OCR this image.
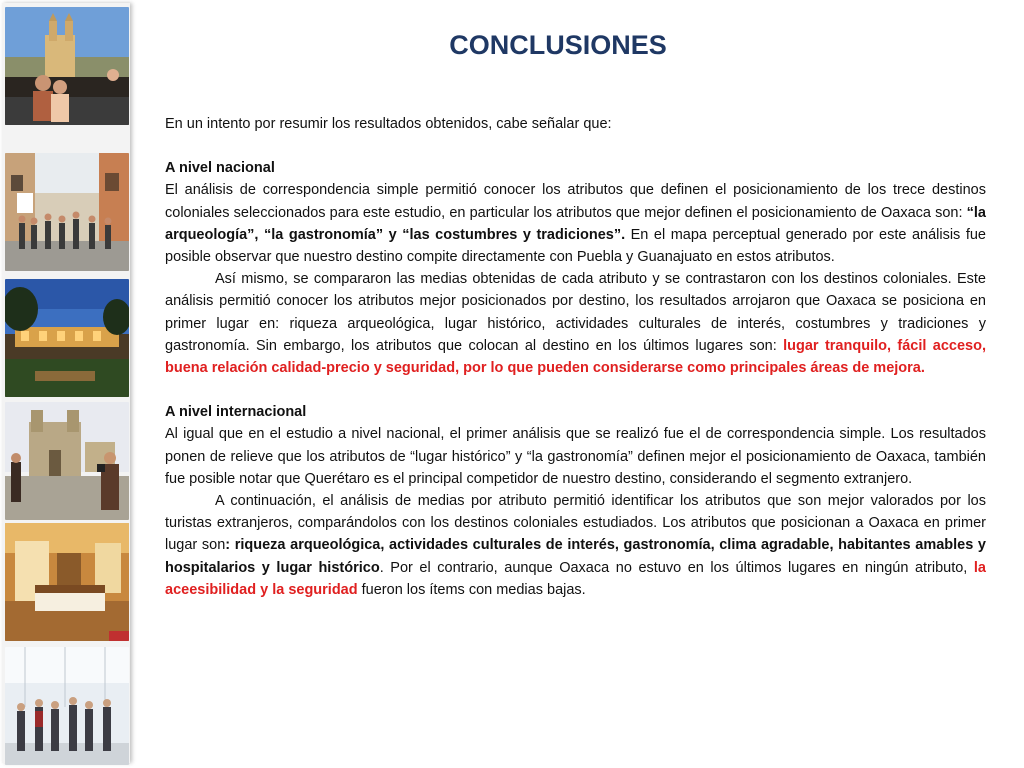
CONCLUSIONES

En un intento por resumir los resultados obtenidos, cabe señalar que:

A nivel nacional

El análisis de correspondencia simple permitió conocer los atributos que definen el posicionamiento de los trece destinos coloniales seleccionados para este estudio, en particular los atributos que mejor definen el posicionamiento de Oaxaca son: “la arqueología”, “la gastronomía” y “las costumbres y tradiciones”. En el mapa perceptual generado por este análisis fue posible observar que nuestro destino compite directamente con Puebla y Guanajuato en estos atributos.

Así mismo, se compararon las medias obtenidas de cada atributo y se contrastaron con los destinos coloniales. Este análisis permitió conocer los atributos mejor posicionados por destino, los resultados arrojaron que Oaxaca se posiciona en primer lugar en: riqueza arqueológica, lugar histórico, actividades culturales de interés, costumbres y tradiciones y gastronomía. Sin embargo, los atributos que colocan al destino en los últimos lugares son: lugar tranquilo, fácil acceso, buena relación calidad-precio y seguridad, por lo que pueden considerarse como principales áreas de mejora.

A nivel internacional

Al igual que en el estudio a nivel nacional, el primer análisis que se realizó fue el de correspondencia simple. Los resultados ponen de relieve que los atributos de “lugar histórico” y “la gastronomía” definen mejor el posicionamiento de Oaxaca, también fue posible notar que Querétaro es el principal competidor de nuestro destino, considerando el segmento extranjero.

A continuación, el análisis de medias por atributo permitió identificar los atributos que son mejor valorados por los turistas extranjeros, comparándolos con los destinos coloniales estudiados. Los atributos que posicionan a Oaxaca en primer lugar son: riqueza arqueológica, actividades culturales de interés, gastronomía, clima agradable, habitantes amables y hospitalarios y lugar histórico. Por el contrario, aunque Oaxaca no estuvo en los últimos lugares en ningún atributo, la aceesibilidad y la seguridad fueron los ítems con medias bajas.
